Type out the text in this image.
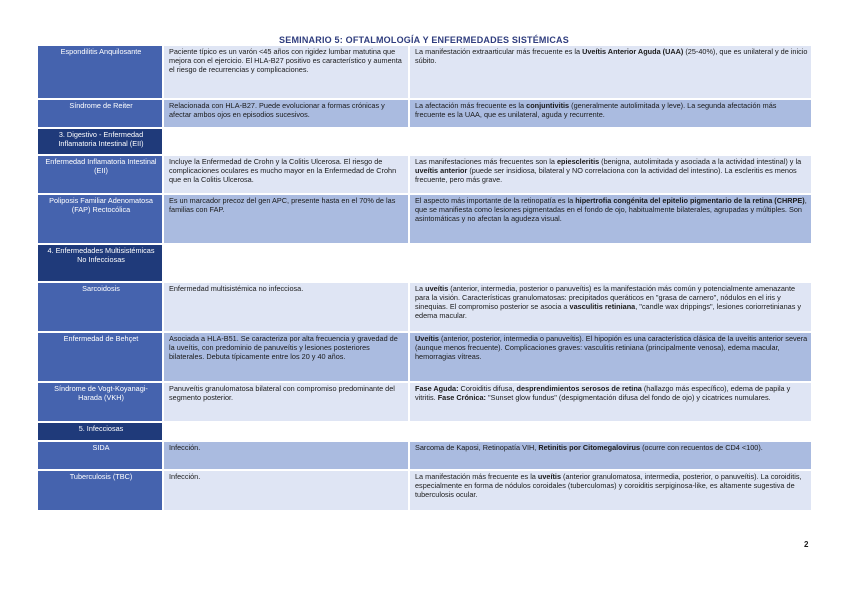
SEMINARIO 5: OFTALMOLOGÍA Y ENFERMEDADES SISTÉMICAS
Espondilitis Anquilosante	Paciente típico es un varón <45 años con rigidez lumbar matutina que mejora con el ejercicio. El HLA-B27 positivo es característico y aumenta el riesgo de recurrencias y complicaciones.	La manifestación extraarticular más frecuente es la Uveítis Anterior Aguda (UAA) (25-40%), que es unilateral y de inicio súbito.
Síndrome de Reiter	Relacionada con HLA-B27. Puede evolucionar a formas crónicas y afectar ambos ojos en episodios sucesivos.	La afectación más frecuente es la conjuntivitis (generalmente autolimitada y leve). La segunda afectación más frecuente es la UAA, que es unilateral, aguda y recurrente.
3. Digestivo - Enfermedad Inflamatoria Intestinal (EII)		
Enfermedad Inflamatoria Intestinal (EII)	Incluye la Enfermedad de Crohn y la Colitis Ulcerosa. El riesgo de complicaciones oculares es mucho mayor en la Enfermedad de Crohn que en la Colitis Ulcerosa.	Las manifestaciones más frecuentes son la epiescleritis (benigna, autolimitada y asociada a la actividad intestinal) y la uveítis anterior (puede ser insidiosa, bilateral y NO correlaciona con la actividad del intestino). La escleritis es menos frecuente, pero más grave.
Poliposis Familiar Adenomatosa (FAP) Rectocólica	Es un marcador precoz del gen APC, presente hasta en el 70% de las familias con FAP.	El aspecto más importante de la retinopatía es la hipertrofia congénita del epitelio pigmentario de la retina (CHRPE), que se manifiesta como lesiones pigmentadas en el fondo de ojo, habitualmente bilaterales, agrupadas y múltiples. Son asintomáticas y no afectan la agudeza visual.
4. Enfermedades Multisistémicas No Infecciosas		
Sarcoidosis	Enfermedad multisistémica no infecciosa.	La uveítis (anterior, intermedia, posterior o panuveítis) es la manifestación más común y potencialmente amenazante para la visión. Características granulomatosas: precipitados queráticos en "grasa de carnero", nódulos en el iris y sinequias. El compromiso posterior se asocia a vasculitis retiniana, "candle wax drippings", lesiones coriorretinianas y edema macular.
Enfermedad de Behçet	Asociada a HLA-B51. Se caracteriza por alta frecuencia y gravedad de la uveítis, con predominio de panuveítis y lesiones posteriores bilaterales. Debuta típicamente entre los 20 y 40 años.	Uveítis (anterior, posterior, intermedia o panuveítis). El hipopión es una característica clásica de la uveítis anterior severa (aunque menos frecuente). Complicaciones graves: vasculitis retiniana (principalmente venosa), edema macular, hemorragias vítreas.
Síndrome de Vogt-Koyanagi-Harada (VKH)	Panuveítis granulomatosa bilateral con compromiso predominante del segmento posterior.	Fase Aguda: Coroiditis difusa, desprendimientos serosos de retina (hallazgo más específico), edema de papila y vitritis. Fase Crónica: "Sunset glow fundus" (despigmentación difusa del fondo de ojo) y cicatrices numulares.
5. Infecciosas		
SIDA	Infección.	Sarcoma de Kaposi, Retinopatía VIH, Retinitis por Citomegalovirus (ocurre con recuentos de CD4 <100).
Tuberculosis (TBC)	Infección.	La manifestación más frecuente es la uveítis (anterior granulomatosa, intermedia, posterior, o panuveítis). La coroiditis, especialmente en forma de nódulos coroidales (tuberculomas) y coroiditis serpiginosa-like, es altamente sugestiva de tuberculosis ocular.
2
